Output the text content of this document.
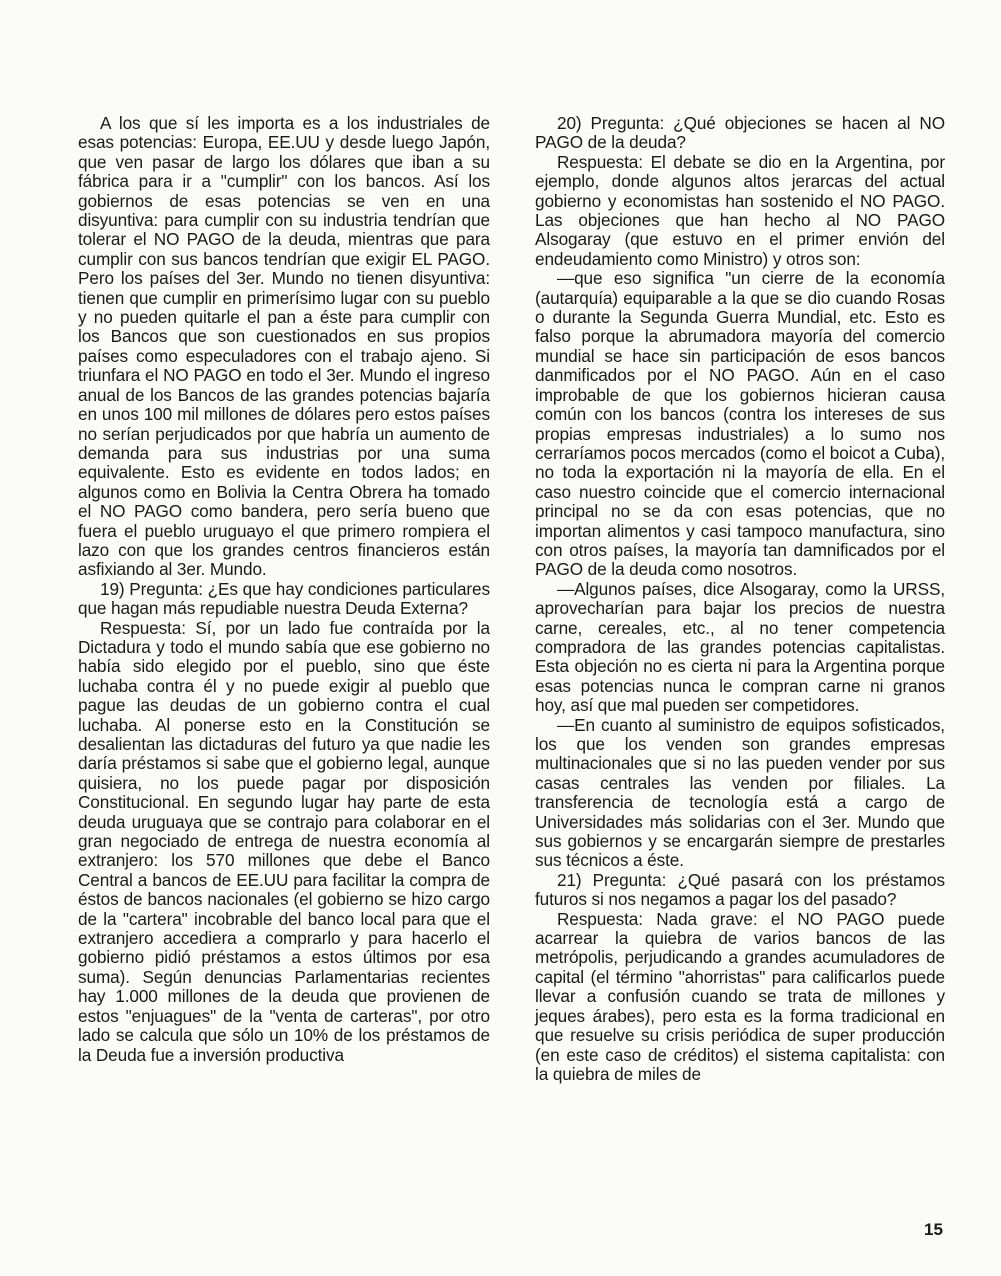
A los que sí les importa es a los industriales de esas potencias: Europa, EE.UU y desde luego Japón, que ven pasar de largo los dólares que iban a su fábrica para ir a "cumplir" con los bancos. Así los gobiernos de esas potencias se ven en una disyuntiva: para cumplir con su industria tendrían que tolerar el NO PAGO de la deuda, mientras que para cumplir con sus bancos tendrían que exigir EL PAGO. Pero los países del 3er. Mundo no tienen disyuntiva: tienen que cumplir en primerísimo lugar con su pueblo y no pueden quitarle el pan a éste para cumplir con los Bancos que son cuestionados en sus propios países como especuladores con el trabajo ajeno. Si triunfara el NO PAGO en todo el 3er. Mundo el ingreso anual de los Bancos de las grandes potencias bajaría en unos 100 mil millones de dólares pero estos países no serían perjudicados por que habría un aumento de demanda para sus industrias por una suma equivalente. Esto es evidente en todos lados; en algunos como en Bolivia la Centra Obrera ha tomado el NO PAGO como bandera, pero sería bueno que fuera el pueblo uruguayo el que primero rompiera el lazo con que los grandes centros financieros están asfixiando al 3er. Mundo.

19) Pregunta: ¿Es que hay condiciones particulares que hagan más repudiable nuestra Deuda Externa?

Respuesta: Sí, por un lado fue contraída por la Dictadura y todo el mundo sabía que ese gobierno no había sido elegido por el pueblo, sino que éste luchaba contra él y no puede exigir al pueblo que pague las deudas de un gobierno contra el cual luchaba. Al ponerse esto en la Constitución se desalientan las dictaduras del futuro ya que nadie les daría préstamos si sabe que el gobierno legal, aunque quisiera, no los puede pagar por disposición Constitucional. En segundo lugar hay parte de esta deuda uruguaya que se contrajo para colaborar en el gran negociado de entrega de nuestra economía al extranjero: los 570 millones que debe el Banco Central a bancos de EE.UU para facilitar la compra de éstos de bancos nacionales (el gobierno se hizo cargo de la "cartera" incobrable del banco local para que el extranjero accediera a comprarlo y para hacerlo el gobierno pidió préstamos a estos últimos por esa suma). Según denuncias Parlamentarias recientes hay 1.000 millones de la deuda que provienen de estos "enjuagues" de la "venta de carteras", por otro lado se calcula que sólo un 10% de los préstamos de la Deuda fue a inversión productiva

20) Pregunta: ¿Qué objeciones se hacen al NO PAGO de la deuda?

Respuesta: El debate se dio en la Argentina, por ejemplo, donde algunos altos jerarcas del actual gobierno y economistas han sostenido el NO PAGO. Las objeciones que han hecho al NO PAGO Alsogaray (que estuvo en el primer envión del endeudamiento como Ministro) y otros son:

—que eso significa "un cierre de la economía (autarquía) equiparable a la que se dio cuando Rosas o durante la Segunda Guerra Mundial, etc. Esto es falso porque la abrumadora mayoría del comercio mundial se hace sin participación de esos bancos danmificados por el NO PAGO. Aún en el caso improbable de que los gobiernos hicieran causa común con los bancos (contra los intereses de sus propias empresas industriales) a lo sumo nos cerraríamos pocos mercados (como el boicot a Cuba), no toda la exportación ni la mayoría de ella. En el caso nuestro coincide que el comercio internacional principal no se da con esas potencias, que no importan alimentos y casi tampoco manufactura, sino con otros países, la mayoría tan damnificados por el PAGO de la deuda como nosotros.

—Algunos países, dice Alsogaray, como la URSS, aprovecharían para bajar los precios de nuestra carne, cereales, etc., al no tener competencia compradora de las grandes potencias capitalistas. Esta objeción no es cierta ni para la Argentina porque esas potencias nunca le compran carne ni granos hoy, así que mal pueden ser competidores.

—En cuanto al suministro de equipos sofisticados, los que los venden son grandes empresas multinacionales que si no las pueden vender por sus casas centrales las venden por filiales. La transferencia de tecnología está a cargo de Universidades más solidarias con el 3er. Mundo que sus gobiernos y se encargarán siempre de prestarles sus técnicos a éste.

21) Pregunta: ¿Qué pasará con los préstamos futuros si nos negamos a pagar los del pasado?

Respuesta: Nada grave: el NO PAGO puede acarrear la quiebra de varios bancos de las metrópolis, perjudicando a grandes acumuladores de capital (el término "ahorristas" para calificarlos puede llevar a confusión cuando se trata de millones y jeques árabes), pero esta es la forma tradicional en que resuelve su crisis periódica de super producción (en este caso de créditos) el sistema capitalista: con la quiebra de miles de

15
